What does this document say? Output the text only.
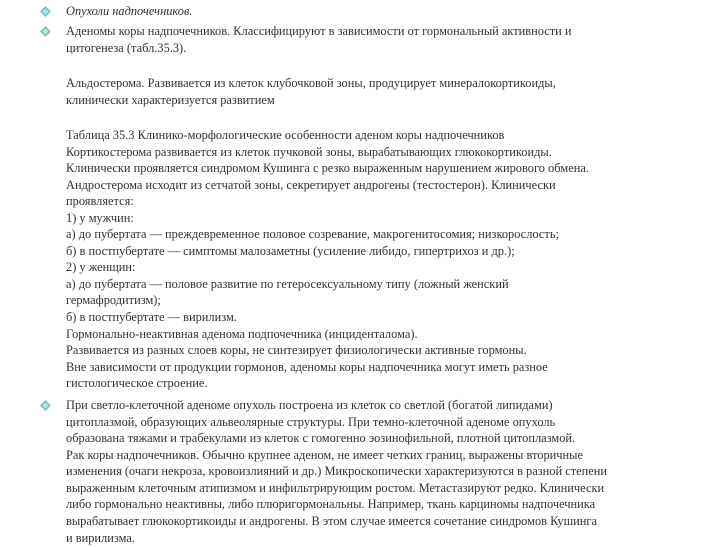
Опухоли надпочечников.
Аденомы коры надпочечников. Классифицируют в зависимости от гормональный активности и
цитогенеза (табл.35.3).
Альдостерома. Развивается из клеток клубочковой зоны, продуцирует минералокортикоиды,
клинически характеризуется развитием
Таблица 35.3 Клинико-морфологические особенности аденом коры надпочечников
Кортикостерома развивается из клеток пучковой зоны, вырабатывающих глюкокортикоиды.
Клинически проявляется синдромом Кушинга с резко выраженным нарушением жирового обмена.
Андростерома исходит из сетчатой зоны, секретирует андрогены (тестостерон). Клинически
проявляется:
1) у мужчин:
а) до пубертата — преждевременное половое созревание, макрогенитосомия; низкорослость;
б) в постпубертате — симптомы малозаметны (усиление либидо, гипертрихоз и др.);
2) у женщин:
а) до пубертата — половое развитие по гетеросексуальному типу (ложный женский
гермафродитизм);
б) в постпубертате — вирилизм.
Гормонально-неактивная аденома подпочечника (инциденталома).
Развивается из разных слоев коры, не синтезирует физиологически активные гормоны.
Вне зависимости от продукции гормонов, аденомы коры надпочечника могут иметь разное
гистологическое строение.
При светло-клеточной аденоме опухоль построена из клеток со светлой (богатой липидами)
цитоплазмой, образующих альвеолярные структуры. При темно-клеточной аденоме опухоль
образована тяжами и трабекулами из клеток с гомогенно эозинофильной, плотной цитоплазмой.
Рак коры надпочечников. Обычно крупнее аденом, не имеет четких границ, выражены вторичные
изменения (очаги некроза, кровоизлияний и др.) Микроскопически характеризуются в разной степени
выраженным клеточным атипизмом и инфильтрирующим ростом. Метастазируют редко. Клинически
либо гормонально неактивны, либо плюригормональны. Например, ткань карциномы надпочечника
вырабатывает глюкокортикоиды и андрогены. В этом случае имеется сочетание синдромов Кушинга
и вирилизма.
